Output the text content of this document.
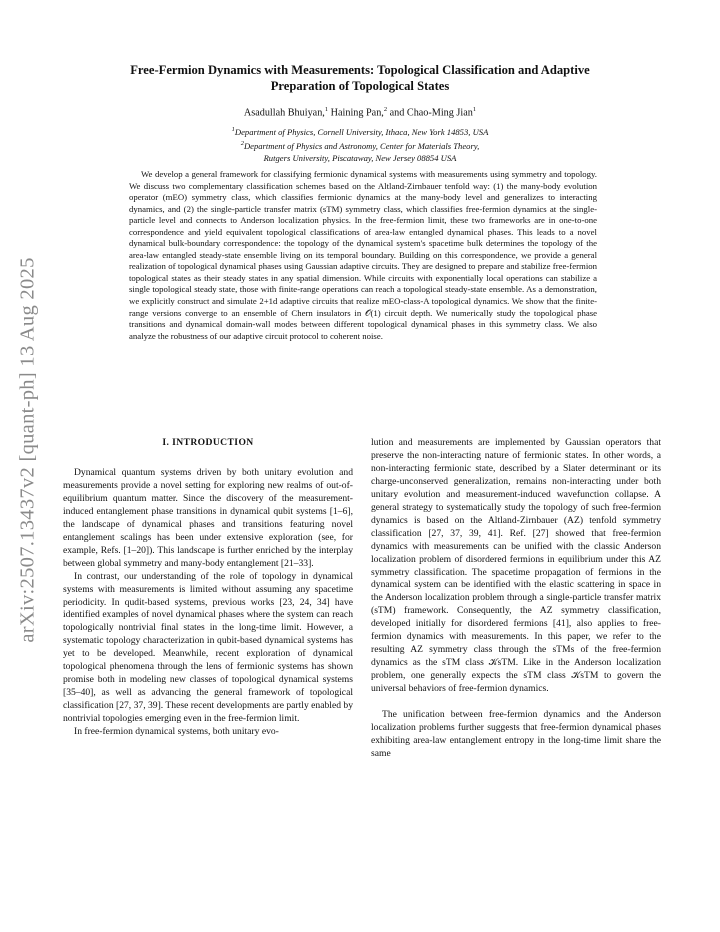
arXiv:2507.13437v2 [quant-ph] 13 Aug 2025
Free-Fermion Dynamics with Measurements: Topological Classification and Adaptive
Preparation of Topological States
Asadullah Bhuiyan,$^1$ Haining Pan,$^2$ and Chao-Ming Jian$^1$
$^1$Department of Physics, Cornell University, Ithaca, New York 14853, USA
$^2$Department of Physics and Astronomy, Center for Materials Theory,
Rutgers University, Piscataway, New Jersey 08854 USA

We develop a general framework for classifying fermionic dynamical systems with measurements using symmetry and topology. We discuss two complementary classification schemes based on the Altland-Zirnbauer tenfold way: (1) the many-body evolution operator (mEO) symmetry class, which classifies fermionic dynamics at the many-body level and generalizes to interacting dynamics, and (2) the single-particle transfer matrix (sTM) symmetry class, which classifies free-fermion dynamics at the single-particle level and connects to Anderson localization physics. In the free-fermion limit, these two frameworks are in one-to-one correspondence and yield equivalent topological classifications of area-law entangled dynamical phases. This leads to a novel dynamical bulk-boundary correspondence: the topology of the dynamical system's spacetime bulk determines the topology of the area-law entangled steady-state ensemble living on its temporal boundary. Building on this correspondence, we provide a general realization of topological dynamical phases using Gaussian adaptive circuits. They are designed to prepare and stabilize free-fermion topological states as their steady states in any spatial dimension. While circuits with exponentially local operations can stabilize a single topological steady state, those with finite-range operations can reach a topological steady-state ensemble. As a demonstration, we explicitly construct and simulate 2+1d adaptive circuits that realize mEO-class-A topological dynamics. We show that the finite-range versions converge to an ensemble of Chern insulators in 𝒪(1) circuit depth. We numerically study the topological phase transitions and dynamical domain-wall modes between different topological dynamical phases in this symmetry class. We also analyze the robustness of our adaptive circuit protocol to coherent noise.

I. INTRODUCTION

Dynamical quantum systems driven by both unitary evolution and measurements provide a novel setting for exploring new realms of out-of-equilibrium quantum matter. Since the discovery of the measurement-induced entanglement phase transitions in dynamical qubit systems [1–6], the landscape of dynamical phases and transitions featuring novel entanglement scalings has been under extensive exploration (see, for example, Refs. [1–20]). This landscape is further enriched by the interplay between global symmetry and many-body entanglement [21–33].

In contrast, our understanding of the role of topology in dynamical systems with measurements is limited without assuming any spacetime periodicity. In qudit-based systems, previous works [23, 24, 34] have identified examples of novel dynamical phases where the system can reach topologically nontrivial final states in the long-time limit. However, a systematic topology characterization in qubit-based dynamical systems has yet to be developed. Meanwhile, recent exploration of dynamical topological phenomena through the lens of fermionic systems has shown promise both in modeling new classes of topological dynamical systems [35–40], as well as advancing the general framework of topological classification [27, 37, 39]. These recent developments are partly enabled by nontrivial topologies emerging even in the free-fermion limit.

In free-fermion dynamical systems, both unitary evo-

lution and measurements are implemented by Gaussian operators that preserve the non-interacting nature of fermionic states. In other words, a non-interacting fermionic state, described by a Slater determinant or its charge-unconserved generalization, remains non-interacting under both unitary evolution and measurement-induced wavefunction collapse. A general strategy to systematically study the topology of such free-fermion dynamics is based on the Altland-Zirnbauer (AZ) tenfold symmetry classification [27, 37, 39, 41]. Ref. [27] showed that free-fermion dynamics with measurements can be unified with the classic Anderson localization problem of disordered fermions in equilibrium under this AZ symmetry classification. The spacetime propagation of fermions in the dynamical system can be identified with the elastic scattering in space in the Anderson localization problem through a single-particle transfer matrix (sTM) framework. Consequently, the AZ symmetry classification, developed initially for disordered fermions [41], also applies to free-fermion dynamics with measurements. In this paper, we refer to the resulting AZ symmetry class through the sTMs of the free-fermion dynamics as the sTM class 𝒦sTM. Like in the Anderson localization problem, one generally expects the sTM class 𝒦sTM to govern the universal behaviors of free-fermion dynamics.

The unification between free-fermion dynamics and the Anderson localization problems further suggests that free-fermion dynamical phases exhibiting area-law entanglement entropy in the long-time limit share the same
